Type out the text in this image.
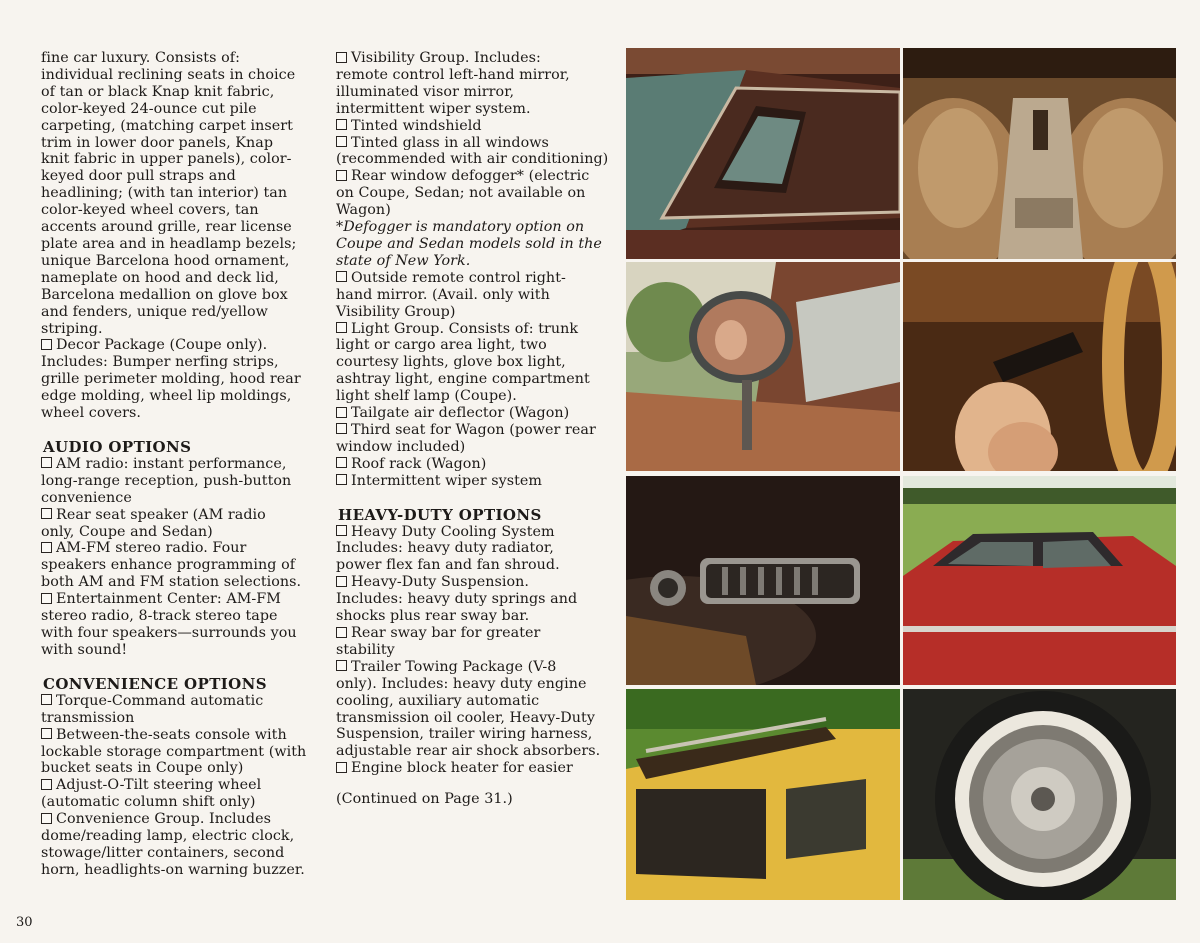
fine car luxury. Consists of:

individual reclining seats in choice

of tan or black Knap knit fabric,

color-keyed 24-ounce cut pile

carpeting, (matching carpet insert

trim in lower door panels, Knap

knit fabric in upper panels), color-

keyed door pull straps and

headlining; (with tan interior) tan

color-keyed wheel covers, tan

accents around grille, rear license

plate area and in headlamp bezels;

unique Barcelona hood ornament,

nameplate on hood and deck lid,

Barcelona medallion on glove box

and fenders, unique red/yellow

striping.

Decor Package (Coupe only).

Includes: Bumper nerfing strips,

grille perimeter molding, hood rear

edge molding, wheel lip moldings,

wheel covers.

AUDIO OPTIONS

AM radio: instant performance,

long-range reception, push-button

convenience

Rear seat speaker (AM radio

only, Coupe and Sedan)

AM-FM stereo radio. Four

speakers enhance programming of

both AM and FM station selections.

Entertainment Center: AM-FM

stereo radio, 8-track stereo tape

with four speakers—surrounds you

with sound!

CONVENIENCE OPTIONS

Torque-Command automatic

transmission

Between-the-seats console with

lockable storage compartment (with

bucket seats in Coupe only)

Adjust-O-Tilt steering wheel

(automatic column shift only)

Convenience Group. Includes

dome/reading lamp, electric clock,

stowage/litter containers, second

horn, headlights-on warning buzzer.

Visibility Group. Includes:

remote control left-hand mirror,

illuminated visor mirror,

intermittent wiper system.

Tinted windshield

Tinted glass in all windows

(recommended with air conditioning)

Rear window defogger* (electric

on Coupe, Sedan; not available on

Wagon)

*Defogger is mandatory option on

Coupe and Sedan models sold in the

state of New York.

Outside remote control right-

hand mirror. (Avail. only with

Visibility Group)

Light Group. Consists of: trunk

light or cargo area light, two

courtesy lights, glove box light,

ashtray light, engine compartment

light shelf lamp (Coupe).

Tailgate air deflector (Wagon)

Third seat for Wagon (power rear

window included)

Roof rack (Wagon)

Intermittent wiper system

HEAVY-DUTY OPTIONS

Heavy Duty Cooling System

Includes: heavy duty radiator,

power flex fan and fan shroud.

Heavy-Duty Suspension.

Includes: heavy duty springs and

shocks plus rear sway bar.

Rear sway bar for greater

stability

Trailer Towing Package (V-8

only). Includes: heavy duty engine

cooling, auxiliary automatic

transmission oil cooler, Heavy-Duty

Suspension, trailer wiring harness,

adjustable rear air shock absorbers.

Engine block heater for easier

(Continued on Page 31.)

30
